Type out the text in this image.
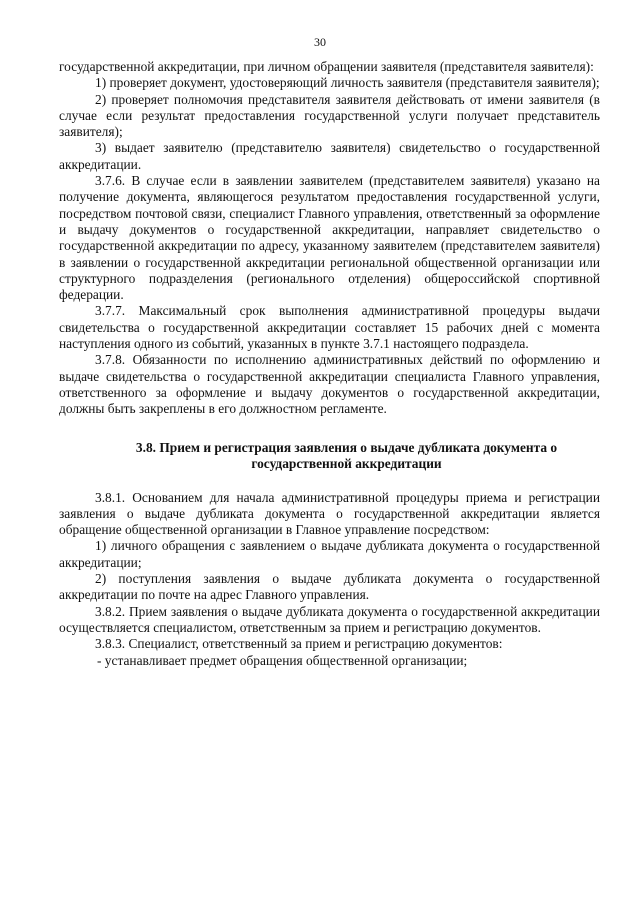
30

государственной аккредитации, при личном обращении заявителя (представителя заявителя):

1) проверяет документ, удостоверяющий личность заявителя (представителя заявителя);

2) проверяет полномочия представителя заявителя действовать от имени заявителя (в случае если результат предоставления государственной услуги получает представитель заявителя);

3) выдает заявителю (представителю заявителя) свидетельство о государственной аккредитации.

3.7.6. В случае если в заявлении заявителем (представителем заявителя) указано на получение документа, являющегося результатом предоставления государственной услуги, посредством почтовой связи, специалист Главного управления, ответственный за оформление и выдачу документов о государственной аккредитации, направляет свидетельство о государственной аккредитации по адресу, указанному заявителем (представителем заявителя) в заявлении о государственной аккредитации региональной общественной организации или структурного подразделения (регионального отделения) общероссийской спортивной федерации.

3.7.7. Максимальный срок выполнения административной процедуры выдачи свидетельства о государственной аккредитации составляет 15 рабочих дней с момента наступления одного из событий, указанных в пункте 3.7.1 настоящего подраздела.

3.7.8. Обязанности по исполнению административных действий по оформлению и выдаче свидетельства о государственной аккредитации специалиста Главного управления, ответственного за оформление и выдачу документов о государственной аккредитации, должны быть закреплены в его должностном регламенте.

3.8. Прием и регистрация заявления о выдаче дубликата документа о государственной аккредитации

3.8.1. Основанием для начала административной процедуры приема и регистрации заявления о выдаче дубликата документа о государственной аккредитации является обращение общественной организации в Главное управление посредством:

1) личного обращения с заявлением о выдаче дубликата документа о государственной аккредитации;

2) поступления заявления о выдаче дубликата документа о государственной аккредитации по почте на адрес Главного управления.

3.8.2. Прием заявления о выдаче дубликата документа о государственной аккредитации осуществляется специалистом, ответственным за прием и регистрацию документов.

3.8.3. Специалист, ответственный за прием и регистрацию документов:

- устанавливает предмет обращения общественной организации;
